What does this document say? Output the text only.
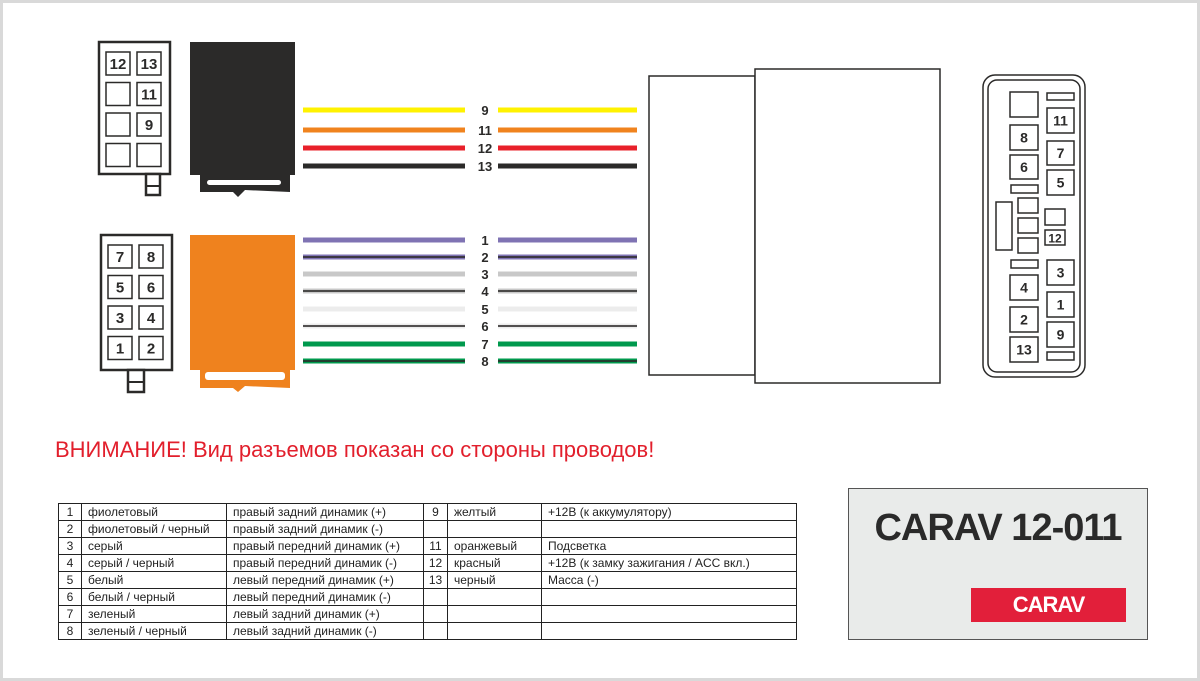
12 13
11
9
7 8
5 6
3 4
1 2
9
11
12
13
1
2
3
4
5
6
7
8
11
8
7
6
5
12
3
4
1
2
9
13
ВНИМАНИЕ! Вид разъемов показан со стороны проводов!
1	фиолетовый	правый задний динамик (+)	9	желтый	+12В (к аккумулятору)
2	фиолетовый / черный	правый задний динамик (-)			
3	серый	правый передний динамик (+)	11	оранжевый	Подсветка
4	серый / черный	правый передний динамик (-)	12	красный	+12В (к замку зажигания / ACC вкл.)
5	белый	левый передний динамик (+)	13	черный	Масса (-)
6	белый / черный	левый передний динамик (-)			
7	зеленый	левый задний динамик (+)			
8	зеленый / черный	левый задний динамик (-)			
CARAV 12-011
CARAV
